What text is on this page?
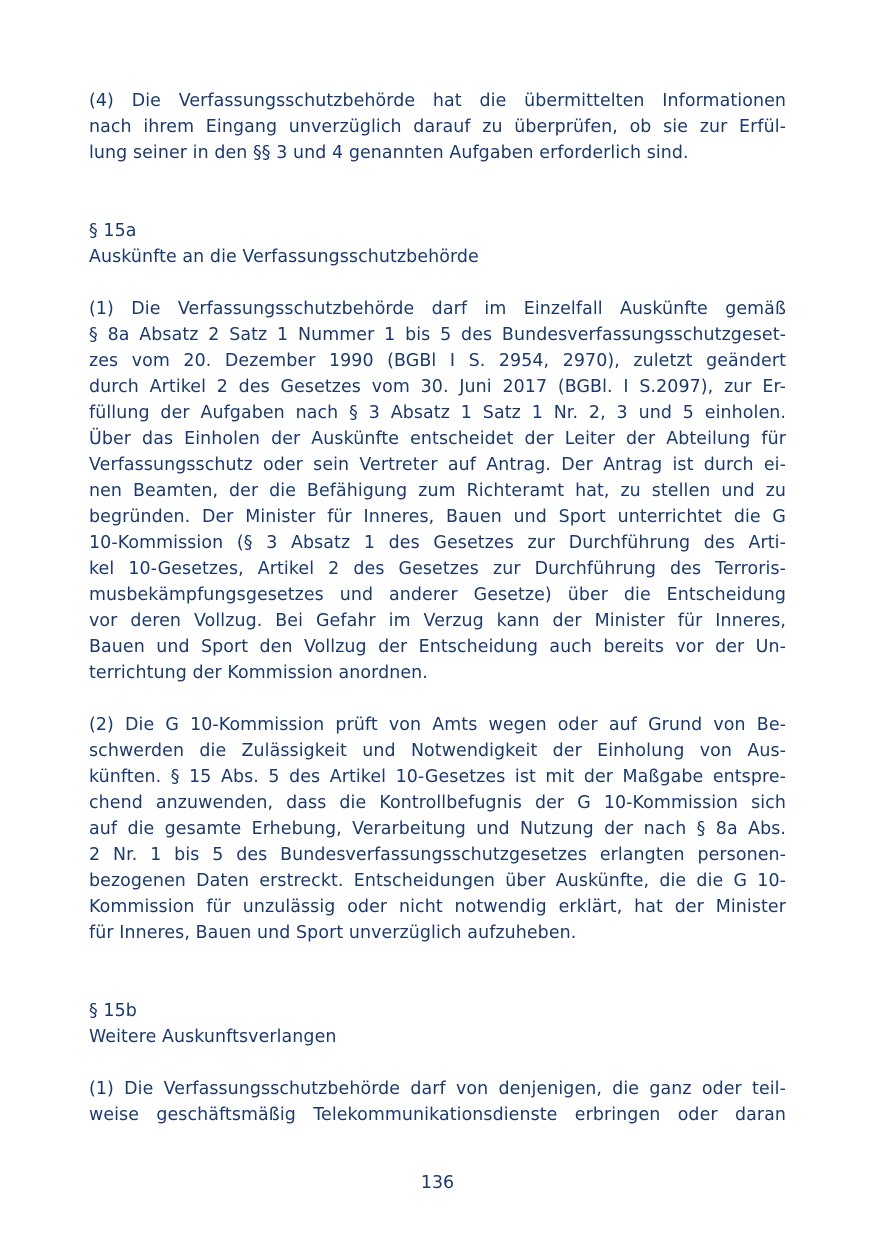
(4) Die Verfassungsschutzbehörde hat die übermittelten Informationen
nach ihrem Eingang unverzüglich darauf zu überprüfen, ob sie zur Erfül-
lung seiner in den §§ 3 und 4 genannten Aufgaben erforderlich sind.
§ 15a
Auskünfte an die Verfassungsschutzbehörde
(1) Die Verfassungsschutzbehörde darf im Einzelfall Auskünfte gemäß
§ 8a Absatz 2 Satz 1 Nummer 1 bis 5 des Bundesverfassungsschutzgeset-
zes vom 20. Dezember 1990 (BGBl I S. 2954, 2970), zuletzt geändert
durch Artikel 2 des Gesetzes vom 30. Juni 2017 (BGBl. I S.2097), zur Er-
füllung der Aufgaben nach § 3 Absatz 1 Satz 1 Nr. 2, 3 und 5 einholen.
Über das Einholen der Auskünfte entscheidet der Leiter der Abteilung für
Verfassungsschutz oder sein Vertreter auf Antrag. Der Antrag ist durch ei-
nen Beamten, der die Befähigung zum Richteramt hat, zu stellen und zu
begründen. Der Minister für Inneres, Bauen und Sport unterrichtet die G
10-Kommission (§ 3 Absatz 1 des Gesetzes zur Durchführung des Arti-
kel 10-Gesetzes, Artikel 2 des Gesetzes zur Durchführung des Terroris-
musbekämpfungsgesetzes und anderer Gesetze) über die Entscheidung
vor deren Vollzug. Bei Gefahr im Verzug kann der Minister für Inneres,
Bauen und Sport den Vollzug der Entscheidung auch bereits vor der Un-
terrichtung der Kommission anordnen.
(2) Die G 10-Kommission prüft von Amts wegen oder auf Grund von Be-
schwerden die Zulässigkeit und Notwendigkeit der Einholung von Aus-
künften. § 15 Abs. 5 des Artikel 10-Gesetzes ist mit der Maßgabe entspre-
chend anzuwenden, dass die Kontrollbefugnis der G 10-Kommission sich
auf die gesamte Erhebung, Verarbeitung und Nutzung der nach § 8a Abs.
2 Nr. 1 bis 5 des Bundesverfassungsschutzgesetzes erlangten personen-
bezogenen Daten erstreckt. Entscheidungen über Auskünfte, die die G 10-
Kommission für unzulässig oder nicht notwendig erklärt, hat der Minister
für Inneres, Bauen und Sport unverzüglich aufzuheben.
§ 15b
Weitere Auskunftsverlangen
(1) Die Verfassungsschutzbehörde darf von denjenigen, die ganz oder teil-
weise geschäftsmäßig Telekommunikationsdienste erbringen oder daran
136
